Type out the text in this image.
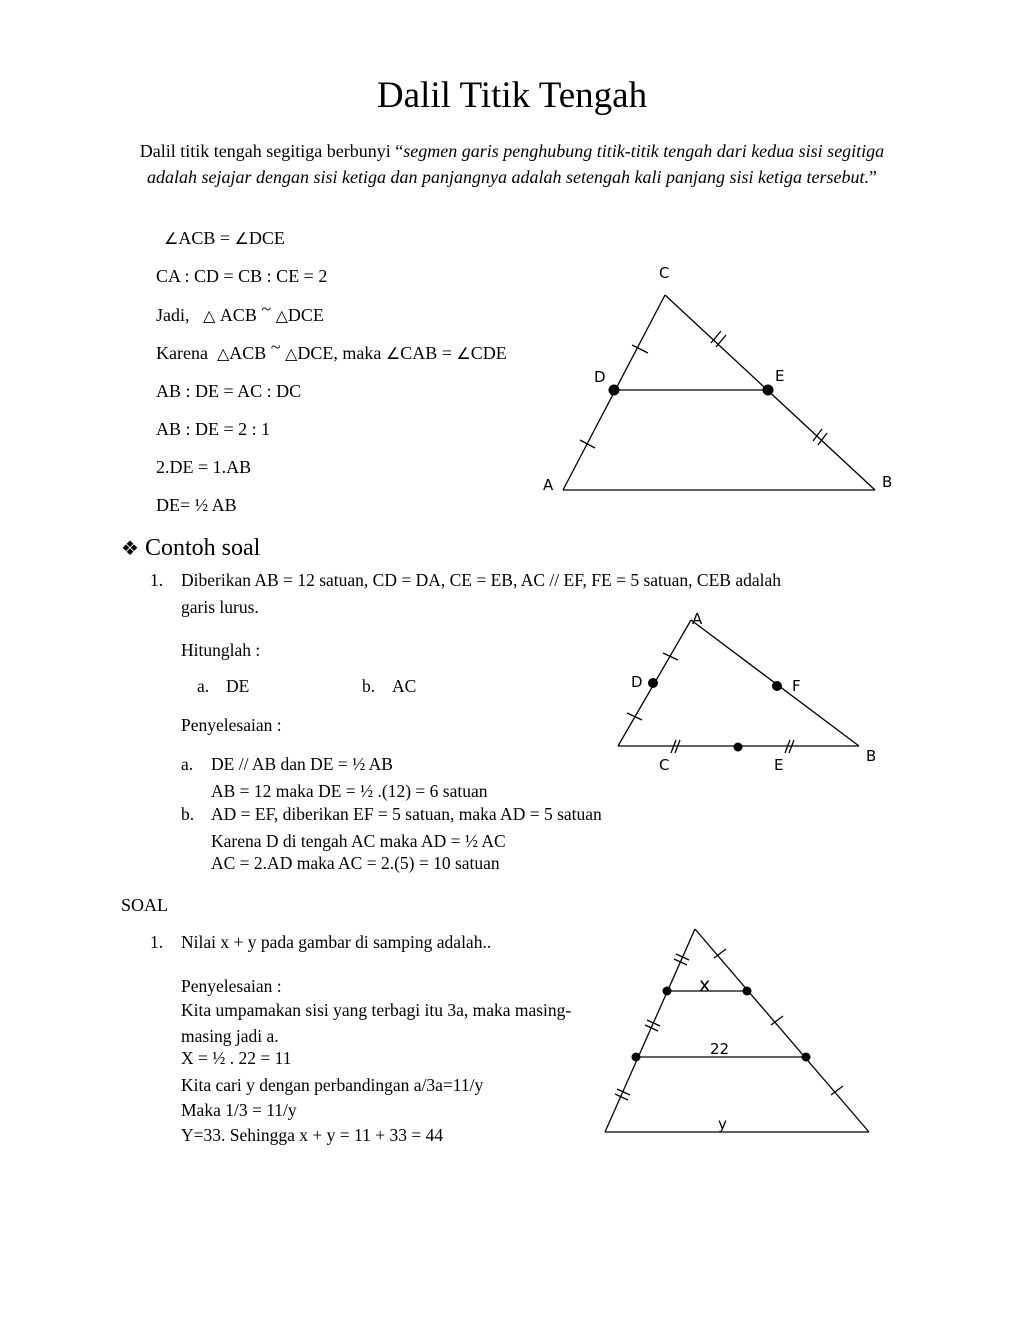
Dalil Titik Tengah
Dalil titik tengah segitiga berbunyi “segmen garis penghubung titik-titik tengah dari kedua sisi segitiga adalah sejajar dengan sisi ketiga dan panjangnya adalah setengah kali panjang sisi ketiga tersebut.”
∠ACB = ∠DCE
CA : CD = CB : CE = 2
Jadi, △ ACB ~ △DCE
Karena △ACB ~ △DCE, maka ∠CAB = ∠CDE
AB : DE = AC : DC
AB : DE = 2 : 1
2.DE = 1.AB
DE= ½ AB
C
D	E
A	B
❖ Contoh soal
1. Diberikan AB = 12 satuan, CD = DA, CE = EB, AC // EF, FE = 5 satuan, CEB adalah
garis lurus.
Hitunglah :
a. DE	b. AC
Penyelesaian :
a. DE // AB dan DE = ½ AB
AB = 12 maka DE = ½ .(12) = 6 satuan
b. AD = EF, diberikan EF = 5 satuan, maka AD = 5 satuan
Karena D di tengah AC maka AD = ½ AC
AC = 2.AD maka AC = 2.(5) = 10 satuan
A
D	F
B
C	E
SOAL
1. Nilai x + y pada gambar di samping adalah..
Penyelesaian :
Kita umpamakan sisi yang terbagi itu 3a, maka masing-
masing jadi a.
X = ½ . 22 = 11
Kita cari y dengan perbandingan a/3a=11/y
Maka 1/3 = 11/y
Y=33. Sehingga x + y = 11 + 33 = 44
x
22
y
